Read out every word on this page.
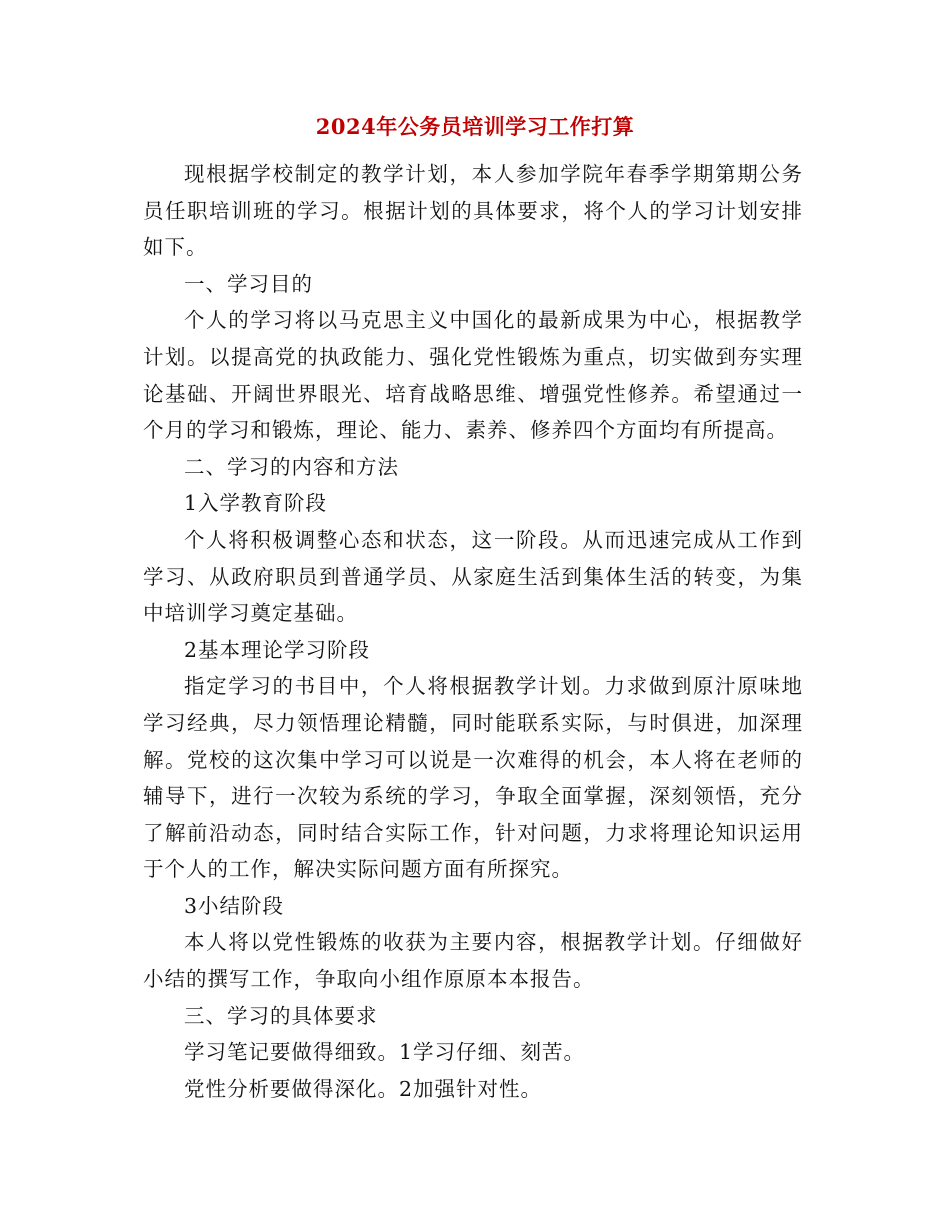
2024年公务员培训学习工作打算

现根据学校制定的教学计划，本人参加学院年春季学期第期公务员任职培训班的学习。根据计划的具体要求，将个人的学习计划安排如下。

一、学习目的

个人的学习将以马克思主义中国化的最新成果为中心，根据教学计划。以提高党的执政能力、强化党性锻炼为重点，切实做到夯实理论基础、开阔世界眼光、培育战略思维、增强党性修养。希望通过一个月的学习和锻炼，理论、能力、素养、修养四个方面均有所提高。

二、学习的内容和方法

1入学教育阶段

个人将积极调整心态和状态，这一阶段。从而迅速完成从工作到学习、从政府职员到普通学员、从家庭生活到集体生活的转变，为集中培训学习奠定基础。

2基本理论学习阶段

指定学习的书目中，个人将根据教学计划。力求做到原汁原味地学习经典，尽力领悟理论精髓，同时能联系实际，与时俱进，加深理解。党校的这次集中学习可以说是一次难得的机会，本人将在老师的辅导下，进行一次较为系统的学习，争取全面掌握，深刻领悟，充分了解前沿动态，同时结合实际工作，针对问题，力求将理论知识运用于个人的工作，解决实际问题方面有所探究。

3小结阶段

本人将以党性锻炼的收获为主要内容，根据教学计划。仔细做好小结的撰写工作，争取向小组作原原本本报告。

三、学习的具体要求

学习笔记要做得细致。1学习仔细、刻苦。

党性分析要做得深化。2加强针对性。
